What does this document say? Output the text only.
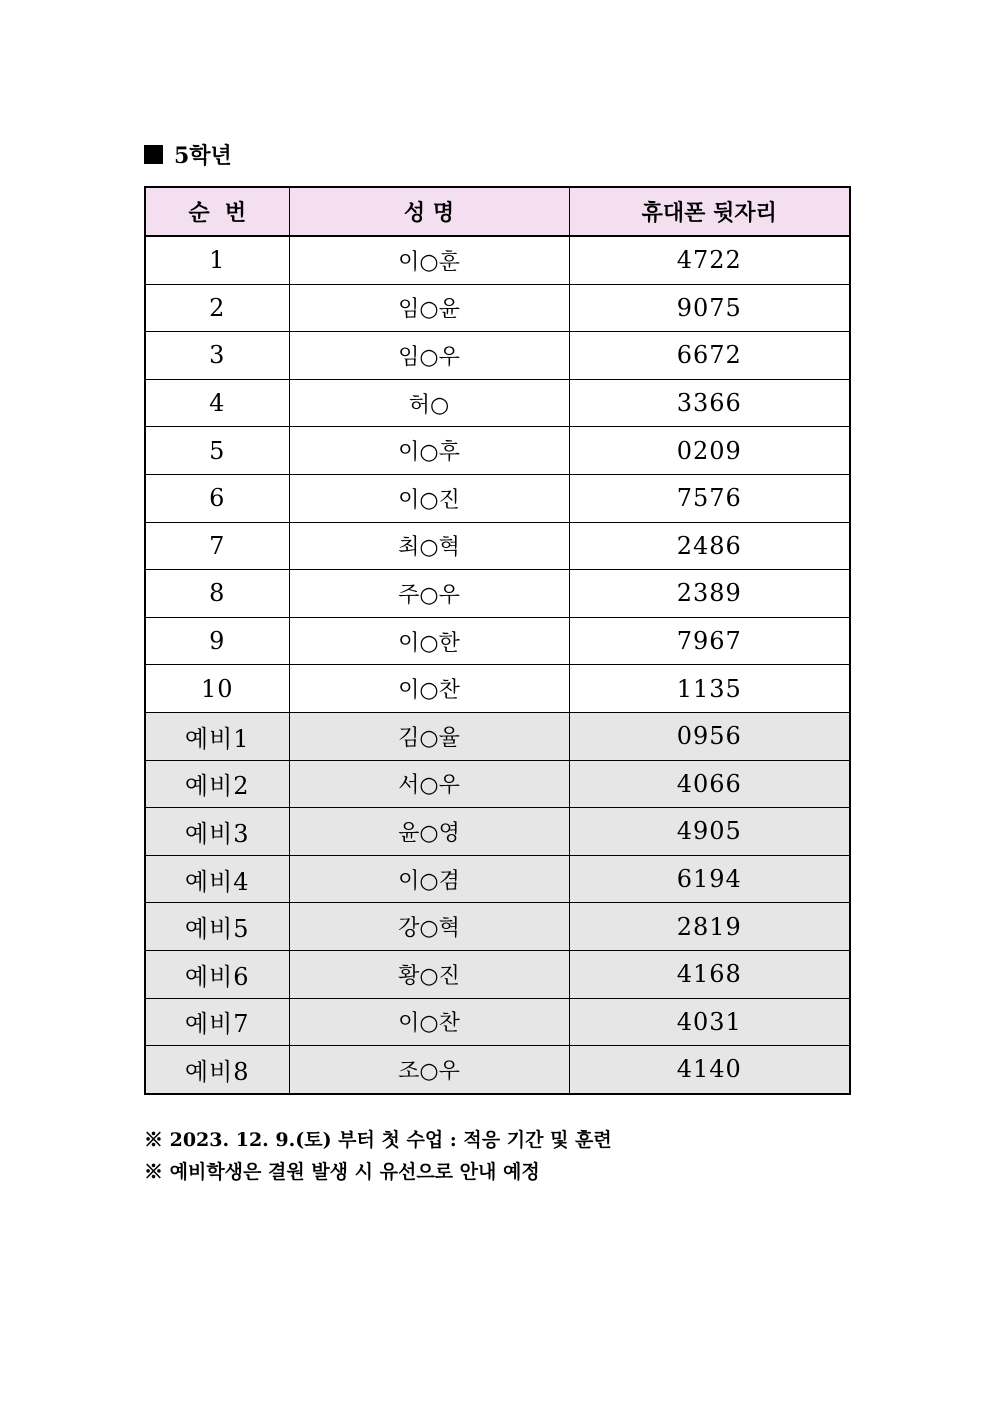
5학년
순  번	성 명	휴대폰 뒷자리
1	이○훈	4722
2	임○윤	9075
3	임○우	6672
4	허○	3366
5	이○후	0209
6	이○진	7576
7	최○혁	2486
8	주○우	2389
9	이○한	7967
10	이○찬	1135
예비1	김○율	0956
예비2	서○우	4066
예비3	윤○영	4905
예비4	이○겸	6194
예비5	강○혁	2819
예비6	황○진	4168
예비7	이○찬	4031
예비8	조○우	4140
※ 2023. 12. 9.(토) 부터 첫 수업 : 적응 기간 및 훈련
※ 예비학생은 결원 발생 시 유선으로 안내 예정
